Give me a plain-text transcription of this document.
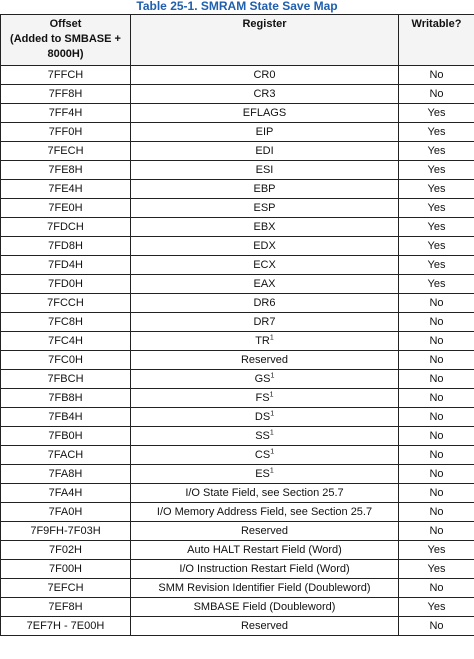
Table 25-1. SMRAM State Save Map
Offset
(Added to SMBASE +
8000H)	Register	Writable?
7FFCH	CR0	No
7FF8H	CR3	No
7FF4H	EFLAGS	Yes
7FF0H	EIP	Yes
7FECH	EDI	Yes
7FE8H	ESI	Yes
7FE4H	EBP	Yes
7FE0H	ESP	Yes
7FDCH	EBX	Yes
7FD8H	EDX	Yes
7FD4H	ECX	Yes
7FD0H	EAX	Yes
7FCCH	DR6	No
7FC8H	DR7	No
7FC4H	$TR^1$	No
7FC0H	Reserved	No
7FBCH	$GS^1$	No
7FB8H	$FS^1$	No
7FB4H	$DS^1$	No
7FB0H	$SS^1$	No
7FACH	$CS^1$	No
7FA8H	$ES^1$	No
7FA4H	I/O State Field, see Section 25.7	No
7FA0H	I/O Memory Address Field, see Section 25.7	No
7F9FH-7F03H	Reserved	No
7F02H	Auto HALT Restart Field (Word)	Yes
7F00H	I/O Instruction Restart Field (Word)	Yes
7EFCH	SMM Revision Identifier Field (Doubleword)	No
7EF8H	SMBASE Field (Doubleword)	Yes
7EF7H - 7E00H	Reserved	No
